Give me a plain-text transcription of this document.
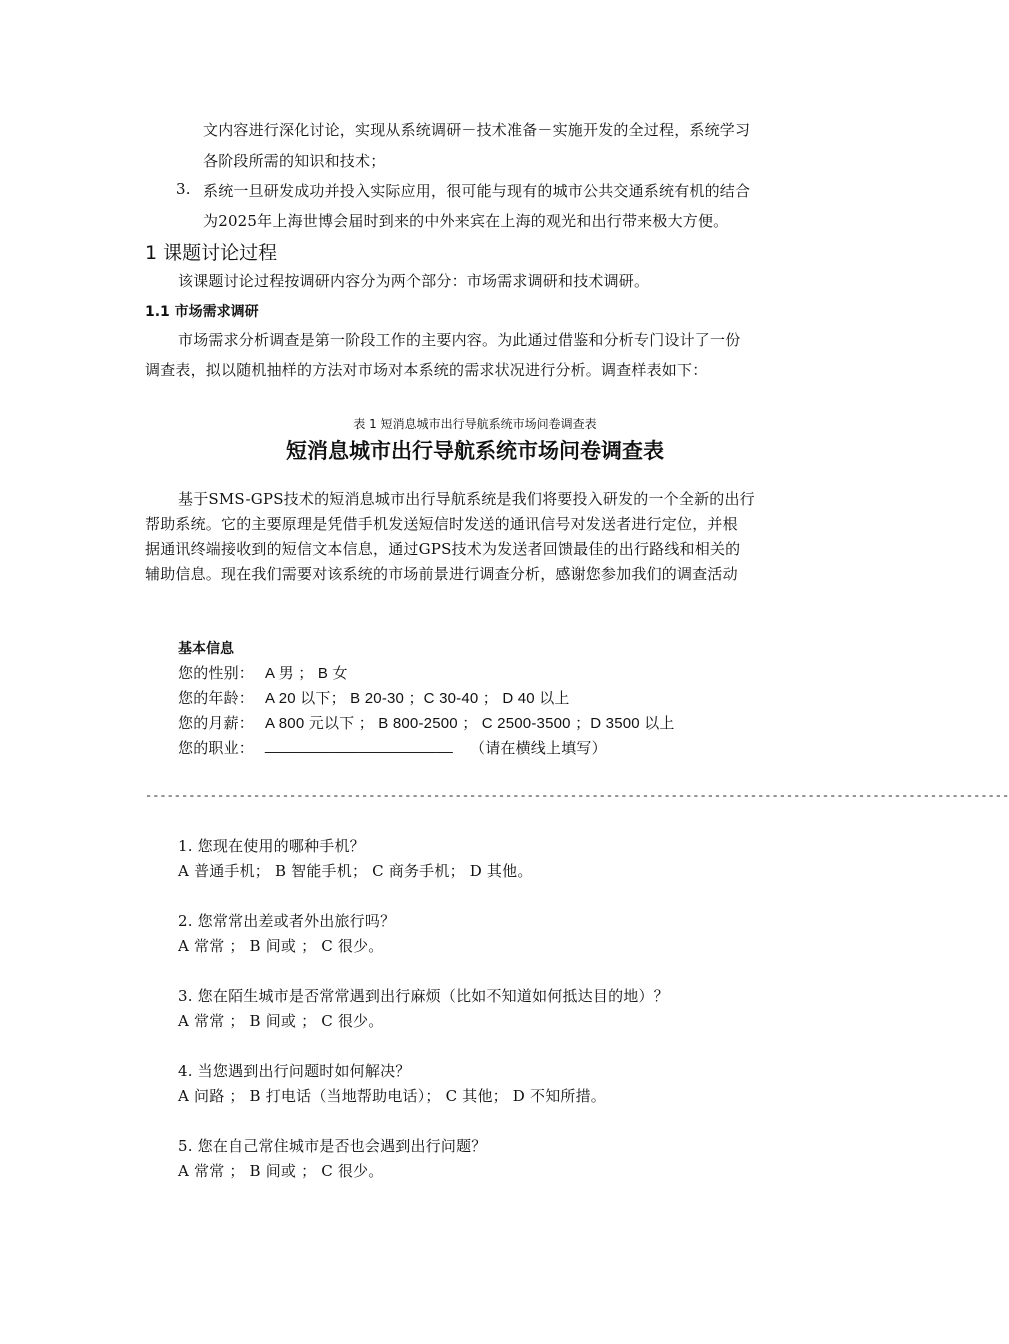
文内容进行深化讨论，实现从系统调研－技术准备－实施开发的全过程，系统学习
各阶段所需的知识和技术；
3. 系统一旦研发成功并投入实际应用，很可能与现有的城市公共交通系统有机的结合
为2025年上海世博会届时到来的中外来宾在上海的观光和出行带来极大方便。
1 课题讨论过程
该课题讨论过程按调研内容分为两个部分：市场需求调研和技术调研。
1.1 市场需求调研
市场需求分析调查是第一阶段工作的主要内容。为此通过借鉴和分析专门设计了一份
调查表，拟以随机抽样的方法对市场对本系统的需求状况进行分析。调查样表如下：
表 1 短消息城市出行导航系统市场问卷调查表
短消息城市出行导航系统市场问卷调查表
基于SMS-GPS技术的短消息城市出行导航系统是我们将要投入研发的一个全新的出行
帮助系统。它的主要原理是凭借手机发送短信时发送的通讯信号对发送者进行定位，并根
据通讯终端接收到的短信文本信息，通过GPS技术为发送者回馈最佳的出行路线和相关的
辅助信息。现在我们需要对该系统的市场前景进行调查分析，感谢您参加我们的调查活动
基本信息
您的性别： A 男 ； B 女
您的年龄： A 20 以下； B 20-30 ；C 30-40 ； D 40 以上
您的月薪： A 800 元以下 ； B 800-2500 ； C 2500-3500 ；D 3500 以上
您的职业： ______________________ （请在横线上填写）
------------------------------------------------------------------------------------------------------------------------
1. 您现在使用的哪种手机？
A 普通手机； B 智能手机； C 商务手机； D 其他。
2. 您常常出差或者外出旅行吗？
A 常常 ； B 间或 ； C 很少。
3. 您在陌生城市是否常常遇到出行麻烦（比如不知道如何抵达目的地）？
A 常常 ； B 间或 ； C 很少。
4. 当您遇到出行问题时如何解决？
A 问路 ； B 打电话（当地帮助电话）； C 其他； D 不知所措。
5. 您在自己常住城市是否也会遇到出行问题？
A 常常 ； B 间或 ； C 很少。
